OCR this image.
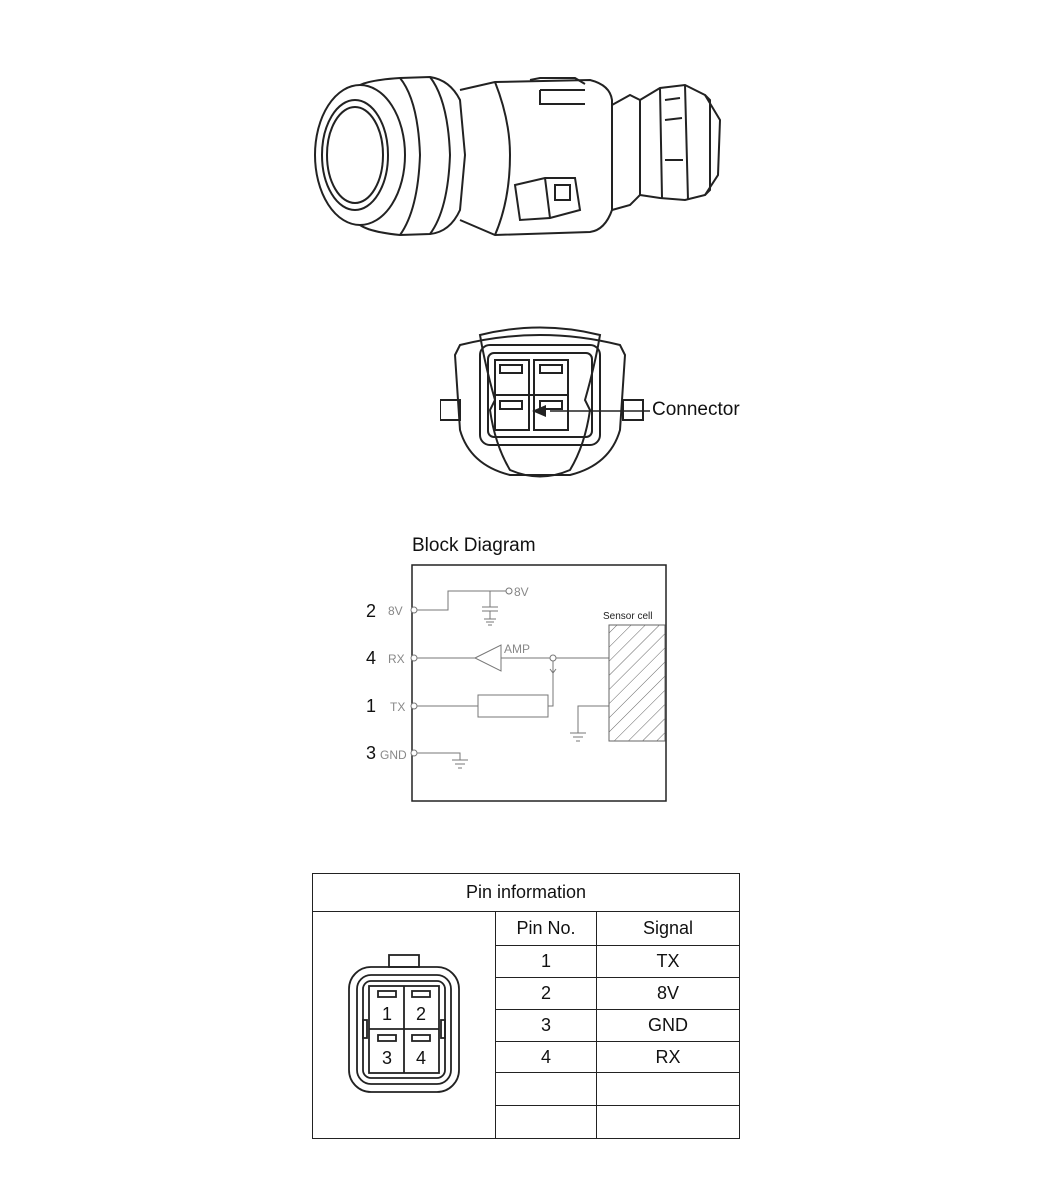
Connector
Block Diagram
2 8V
4 RX
1 TX
3 GND
8V
AMP
Sensor cell
Pin information		

1 2
3 4	Pin No.	Signal
	1	TX
	2	8V
	3	GND
	4	RX
